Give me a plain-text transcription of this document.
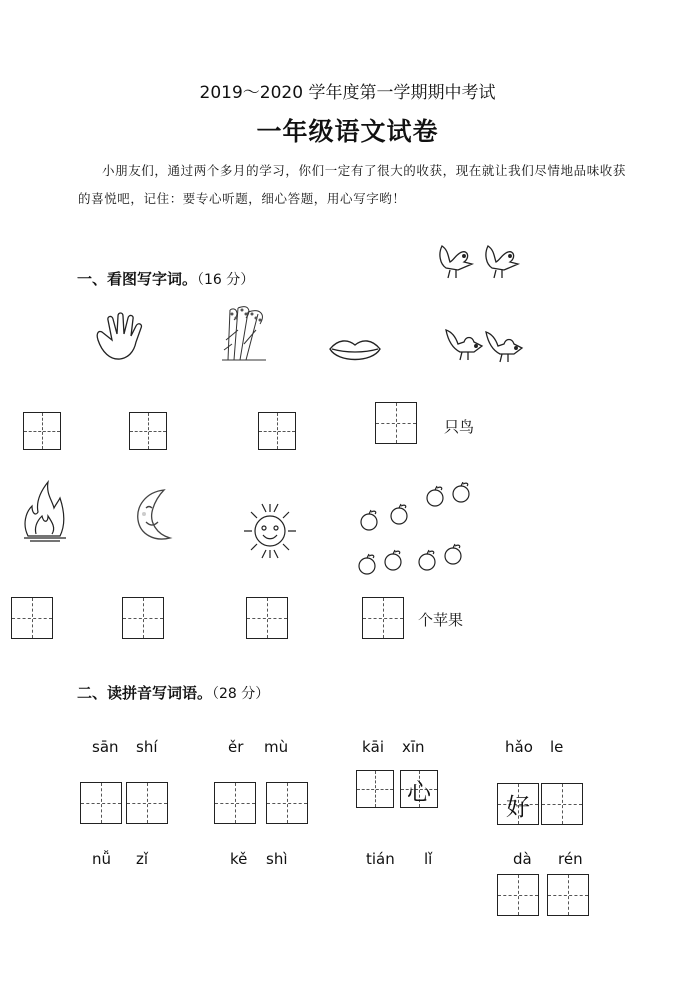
2019～2020 学年度第一学期期中考试
一年级语文试卷
小朋友们，通过两个多月的学习，你们一定有了很大的收获，现在就让我们尽情地品味收获的喜悦吧，记住：要专心听题，细心答题，用心写字哟！
一、看图写字词。（16 分）
只鸟
个苹果
二、读拼音写词语。（28 分）
sān shí	ěr mù	kāi xīn	hǎo le
心
好
nǚ zǐ	kě shì	tián lǐ	dà rén
